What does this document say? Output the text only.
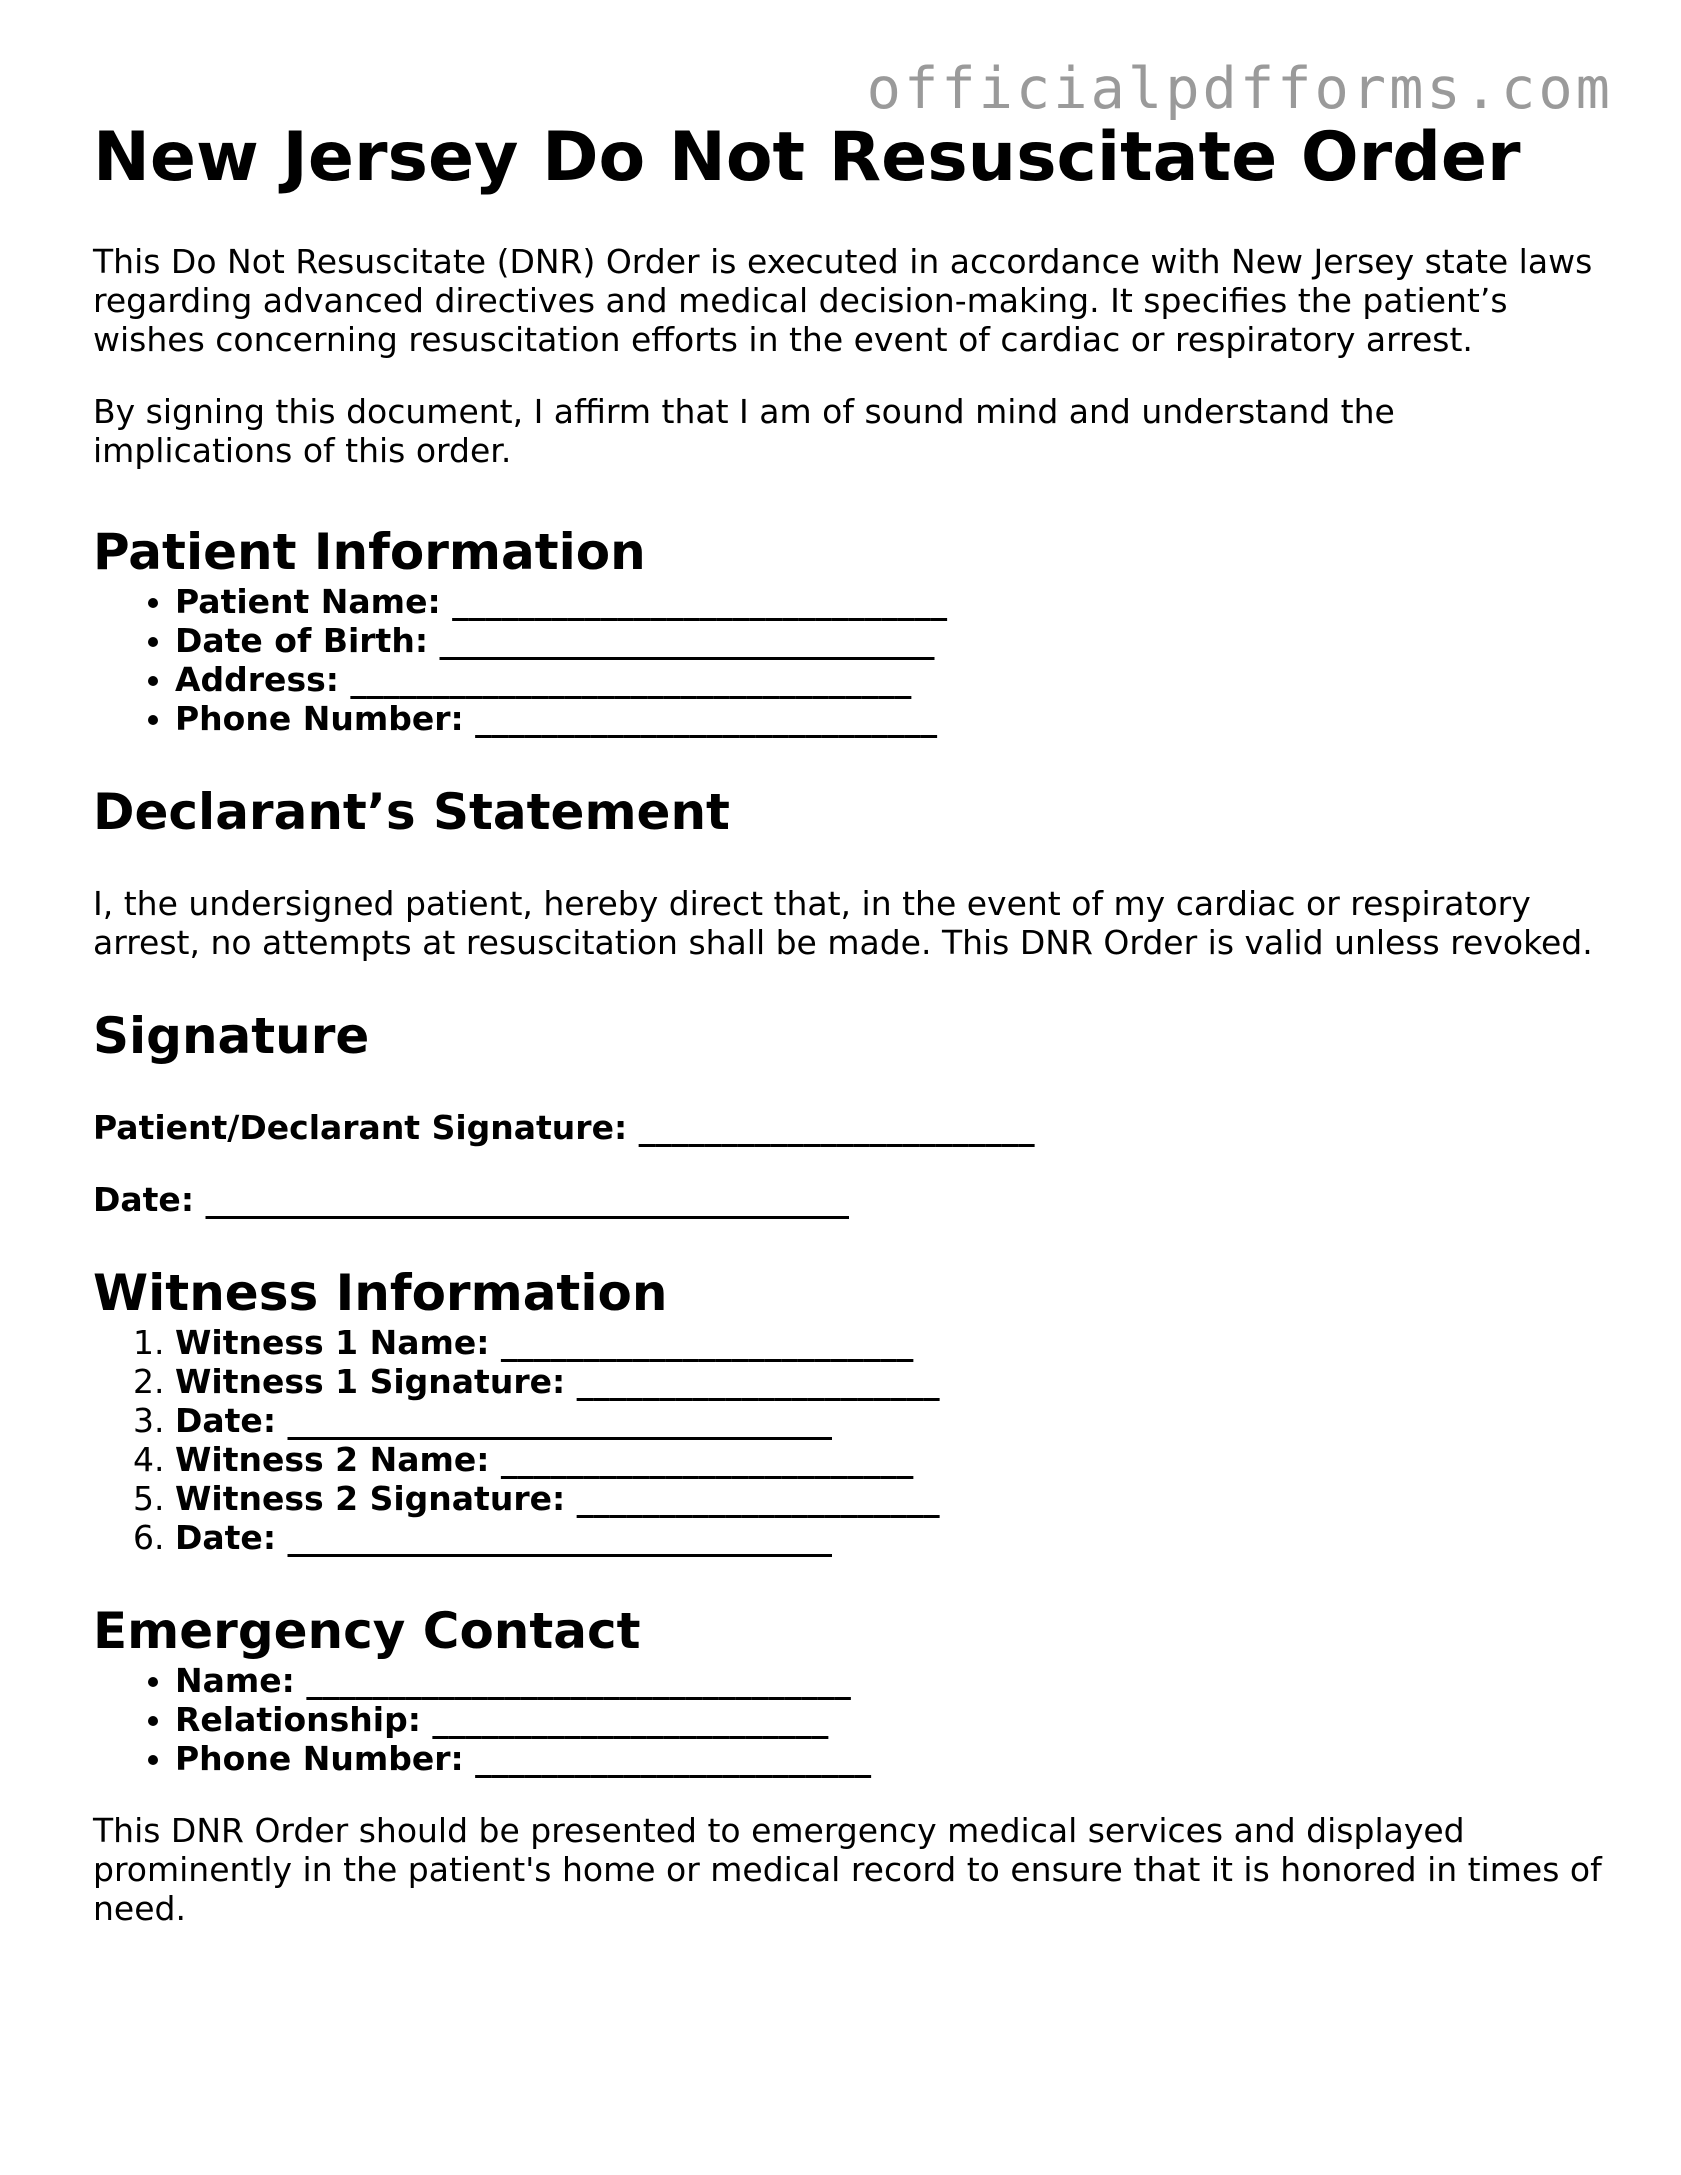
officialpdfforms.com
New Jersey Do Not Resuscitate Order

This Do Not Resuscitate (DNR) Order is executed in accordance with New Jersey state laws regarding advanced directives and medical decision-making. It specifies the patient’s wishes concerning resuscitation efforts in the event of cardiac or respiratory arrest.

By signing this document, I affirm that I am of sound mind and understand the implications of this order.

Patient Information
• Patient Name: ______________________________
• Date of Birth: ______________________________
• Address: __________________________________
• Phone Number: ____________________________
Declarant’s Statement

I, the undersigned patient, hereby direct that, in the event of my cardiac or respiratory arrest, no attempts at resuscitation shall be made. This DNR Order is valid unless revoked.

Signature
Patient/Declarant Signature: ________________________
Date: _______________________________________
Witness Information
1. Witness 1 Name: _________________________
2. Witness 1 Signature: ______________________
3. Date: _________________________________
4. Witness 2 Name: _________________________
5. Witness 2 Signature: ______________________
6. Date: _________________________________
Emergency Contact
• Name: _________________________________
• Relationship: ________________________
• Phone Number: ________________________

This DNR Order should be presented to emergency medical services and displayed prominently in the patient's home or medical record to ensure that it is honored in times of need.
